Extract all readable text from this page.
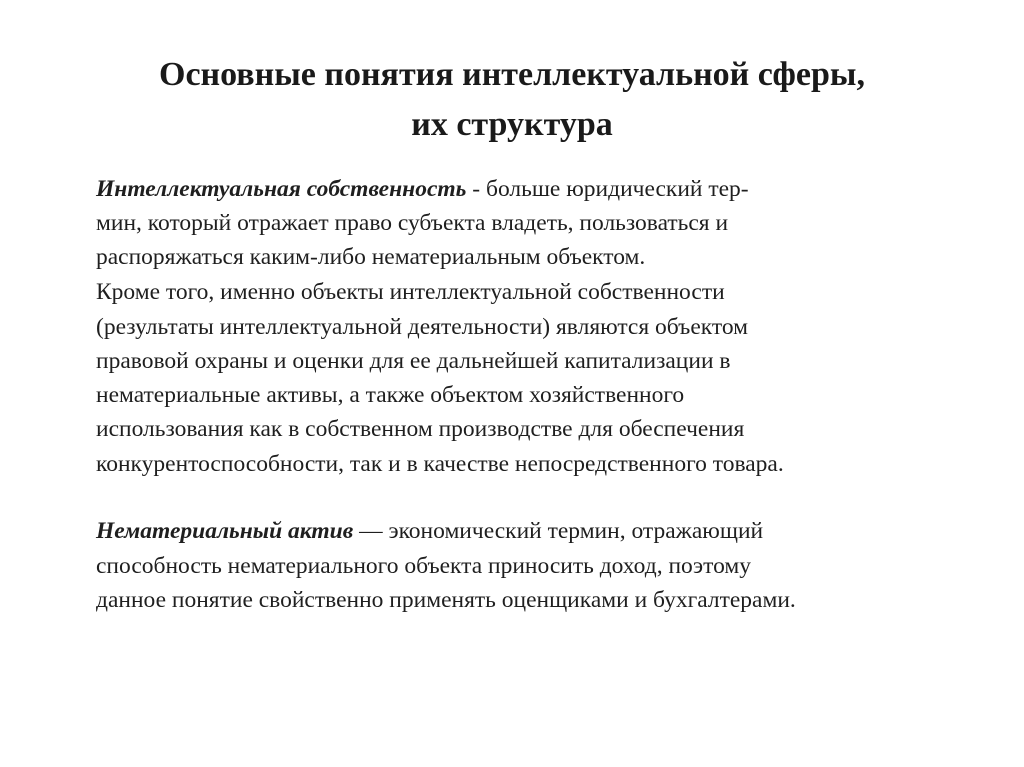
Основные понятия интеллектуальной сферы,
их структура
Интеллектуальная собственность - больше юридический тер-
мин, который отражает право субъекта владеть, пользоваться и
распоряжаться каким-либо нематериальным объектом.
Кроме того, именно объекты интеллектуальной собственности
(результаты интеллектуальной деятельности) являются объектом
правовой охраны и оценки для ее дальнейшей капитализации в
нематериальные активы, а также объектом хозяйственного
использования как в собственном производстве для обеспечения
конкурентоспособности, так и в качестве непосредственного товара.
Нематериальный актив — экономический термин, отражающий
способность нематериального объекта приносить доход, поэтому
данное понятие свойственно применять оценщиками и бухгалтерами.
